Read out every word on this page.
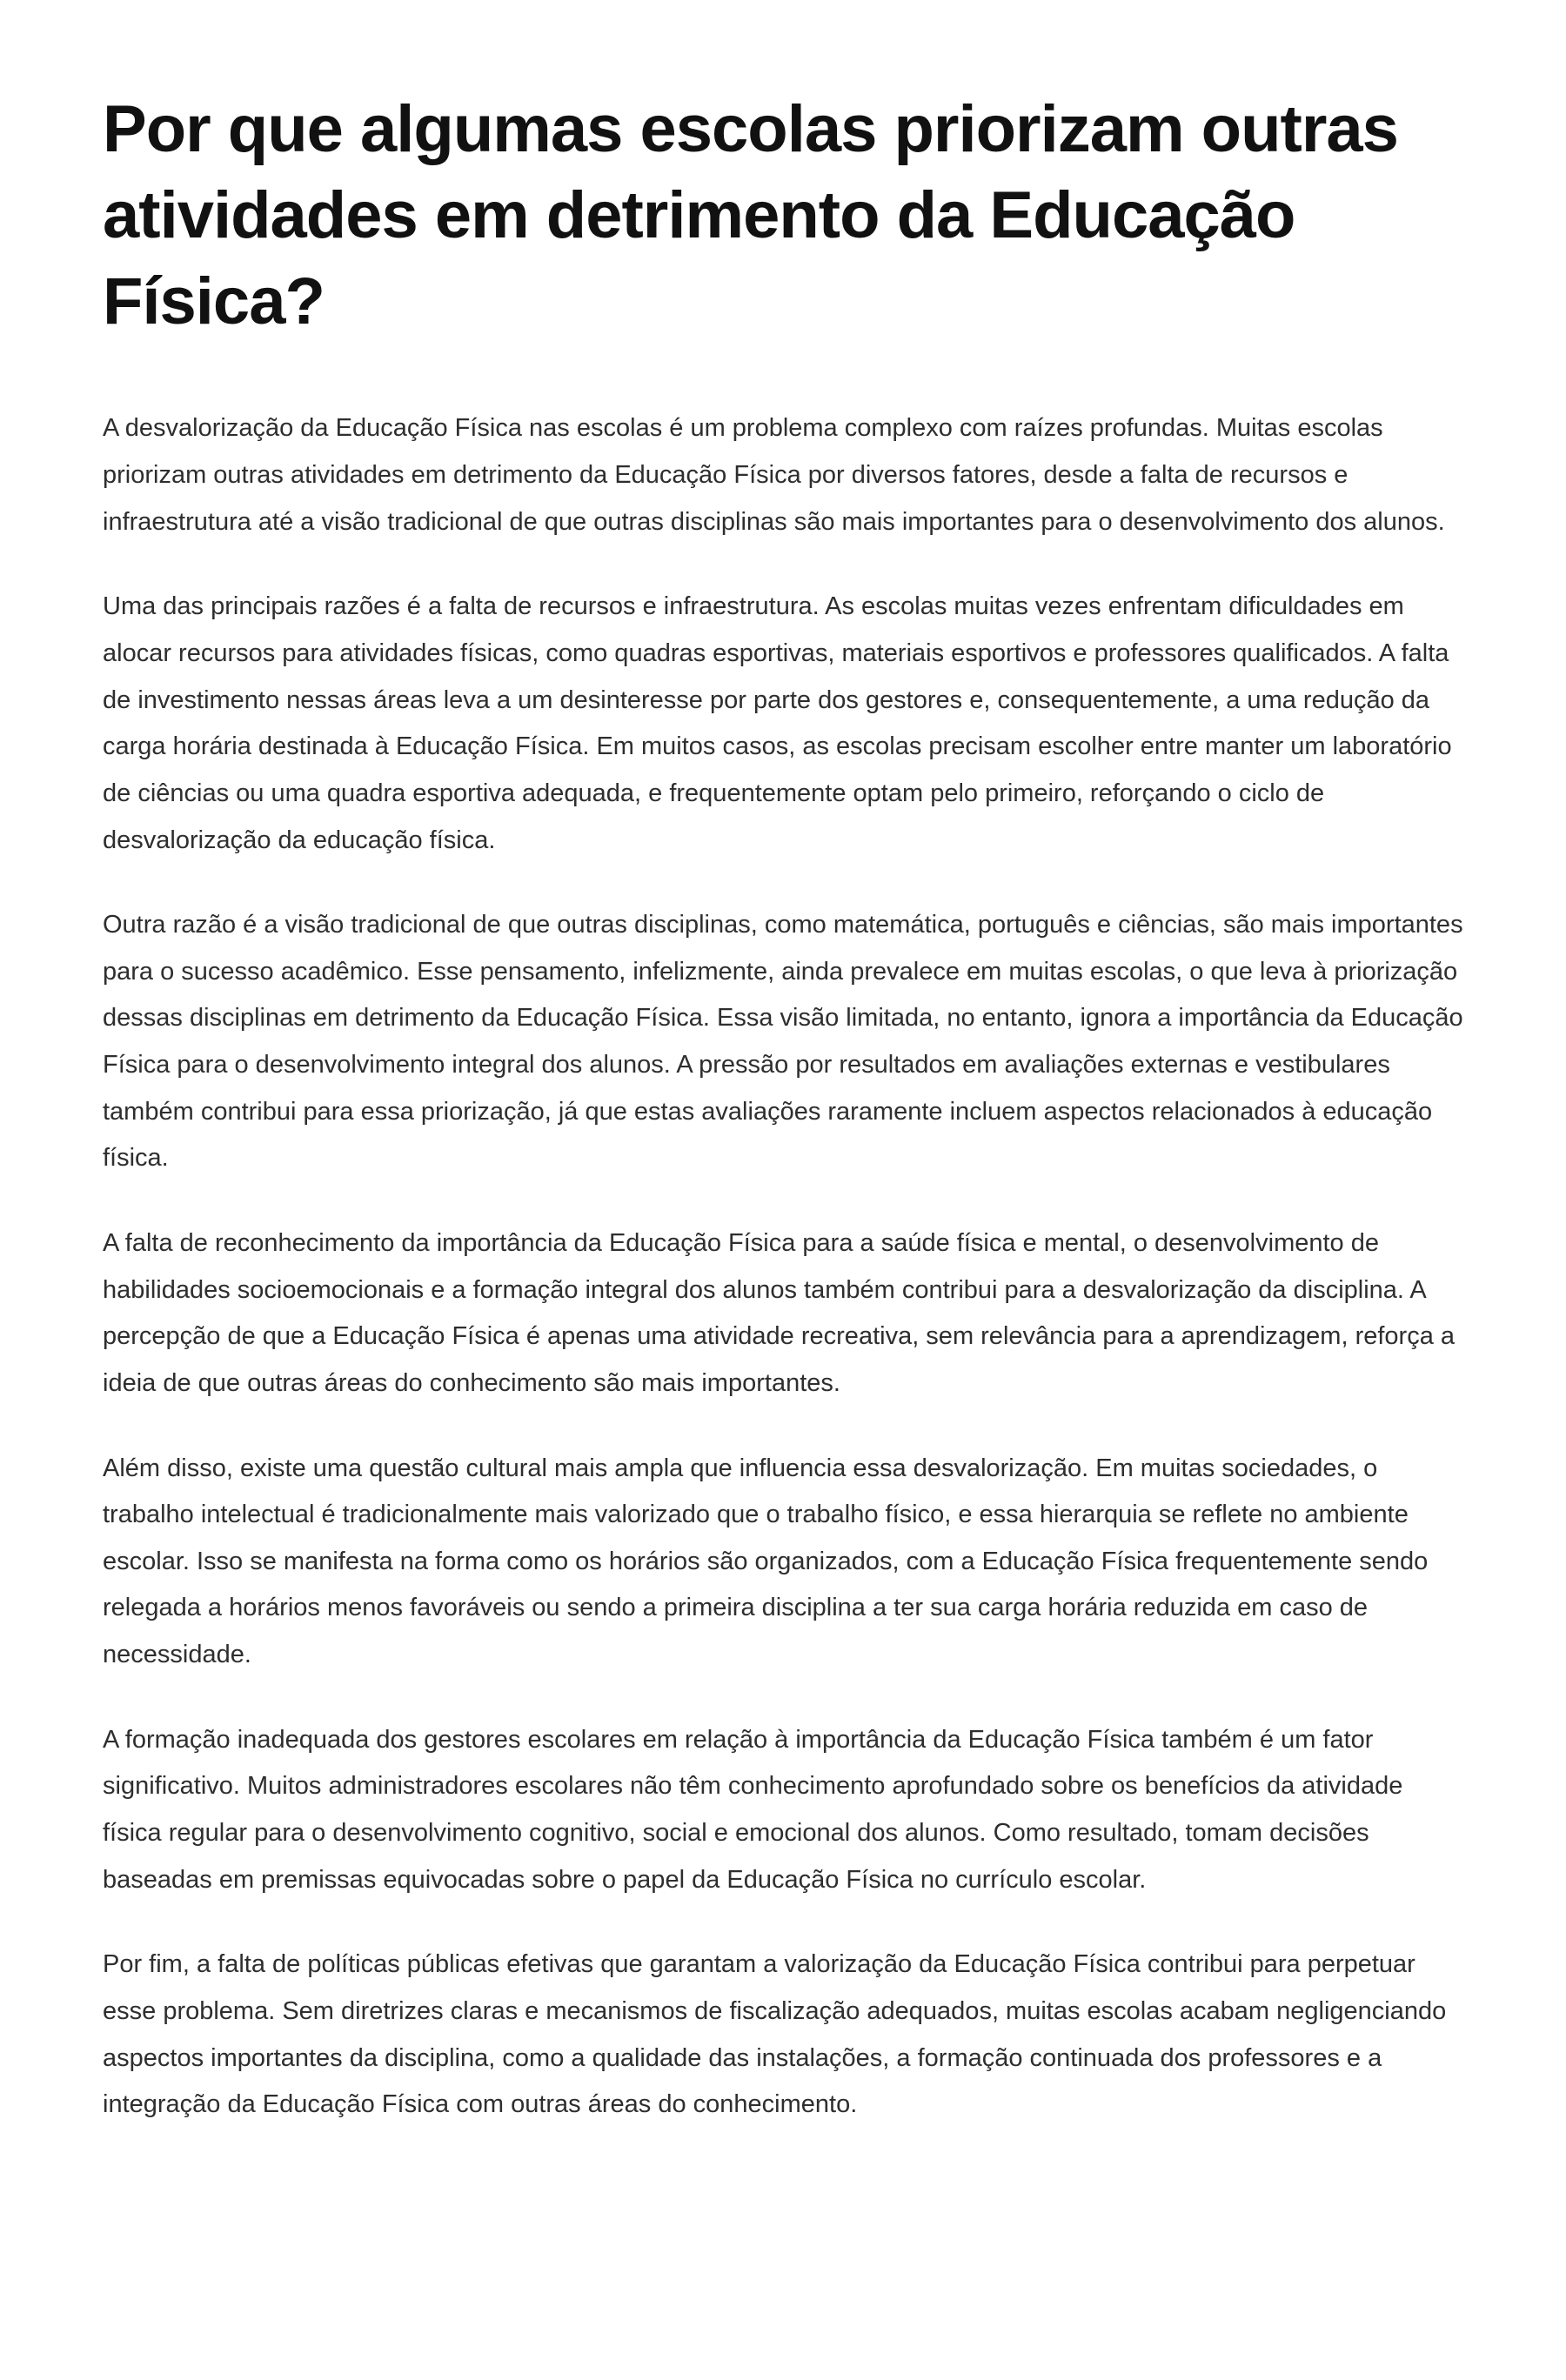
Por que algumas escolas priorizam outras atividades em detrimento da Educação Física?

A desvalorização da Educação Física nas escolas é um problema complexo com raízes profundas. Muitas escolas priorizam outras atividades em detrimento da Educação Física por diversos fatores, desde a falta de recursos e infraestrutura até a visão tradicional de que outras disciplinas são mais importantes para o desenvolvimento dos alunos.

Uma das principais razões é a falta de recursos e infraestrutura. As escolas muitas vezes enfrentam dificuldades em alocar recursos para atividades físicas, como quadras esportivas, materiais esportivos e professores qualificados. A falta de investimento nessas áreas leva a um desinteresse por parte dos gestores e, consequentemente, a uma redução da carga horária destinada à Educação Física. Em muitos casos, as escolas precisam escolher entre manter um laboratório de ciências ou uma quadra esportiva adequada, e frequentemente optam pelo primeiro, reforçando o ciclo de desvalorização da educação física.

Outra razão é a visão tradicional de que outras disciplinas, como matemática, português e ciências, são mais importantes para o sucesso acadêmico. Esse pensamento, infelizmente, ainda prevalece em muitas escolas, o que leva à priorização dessas disciplinas em detrimento da Educação Física. Essa visão limitada, no entanto, ignora a importância da Educação Física para o desenvolvimento integral dos alunos. A pressão por resultados em avaliações externas e vestibulares também contribui para essa priorização, já que estas avaliações raramente incluem aspectos relacionados à educação física.

A falta de reconhecimento da importância da Educação Física para a saúde física e mental, o desenvolvimento de habilidades socioemocionais e a formação integral dos alunos também contribui para a desvalorização da disciplina. A percepção de que a Educação Física é apenas uma atividade recreativa, sem relevância para a aprendizagem, reforça a ideia de que outras áreas do conhecimento são mais importantes.

Além disso, existe uma questão cultural mais ampla que influencia essa desvalorização. Em muitas sociedades, o trabalho intelectual é tradicionalmente mais valorizado que o trabalho físico, e essa hierarquia se reflete no ambiente escolar. Isso se manifesta na forma como os horários são organizados, com a Educação Física frequentemente sendo relegada a horários menos favoráveis ou sendo a primeira disciplina a ter sua carga horária reduzida em caso de necessidade.

A formação inadequada dos gestores escolares em relação à importância da Educação Física também é um fator significativo. Muitos administradores escolares não têm conhecimento aprofundado sobre os benefícios da atividade física regular para o desenvolvimento cognitivo, social e emocional dos alunos. Como resultado, tomam decisões baseadas em premissas equivocadas sobre o papel da Educação Física no currículo escolar.

Por fim, a falta de políticas públicas efetivas que garantam a valorização da Educação Física contribui para perpetuar esse problema. Sem diretrizes claras e mecanismos de fiscalização adequados, muitas escolas acabam negligenciando aspectos importantes da disciplina, como a qualidade das instalações, a formação continuada dos professores e a integração da Educação Física com outras áreas do conhecimento.
